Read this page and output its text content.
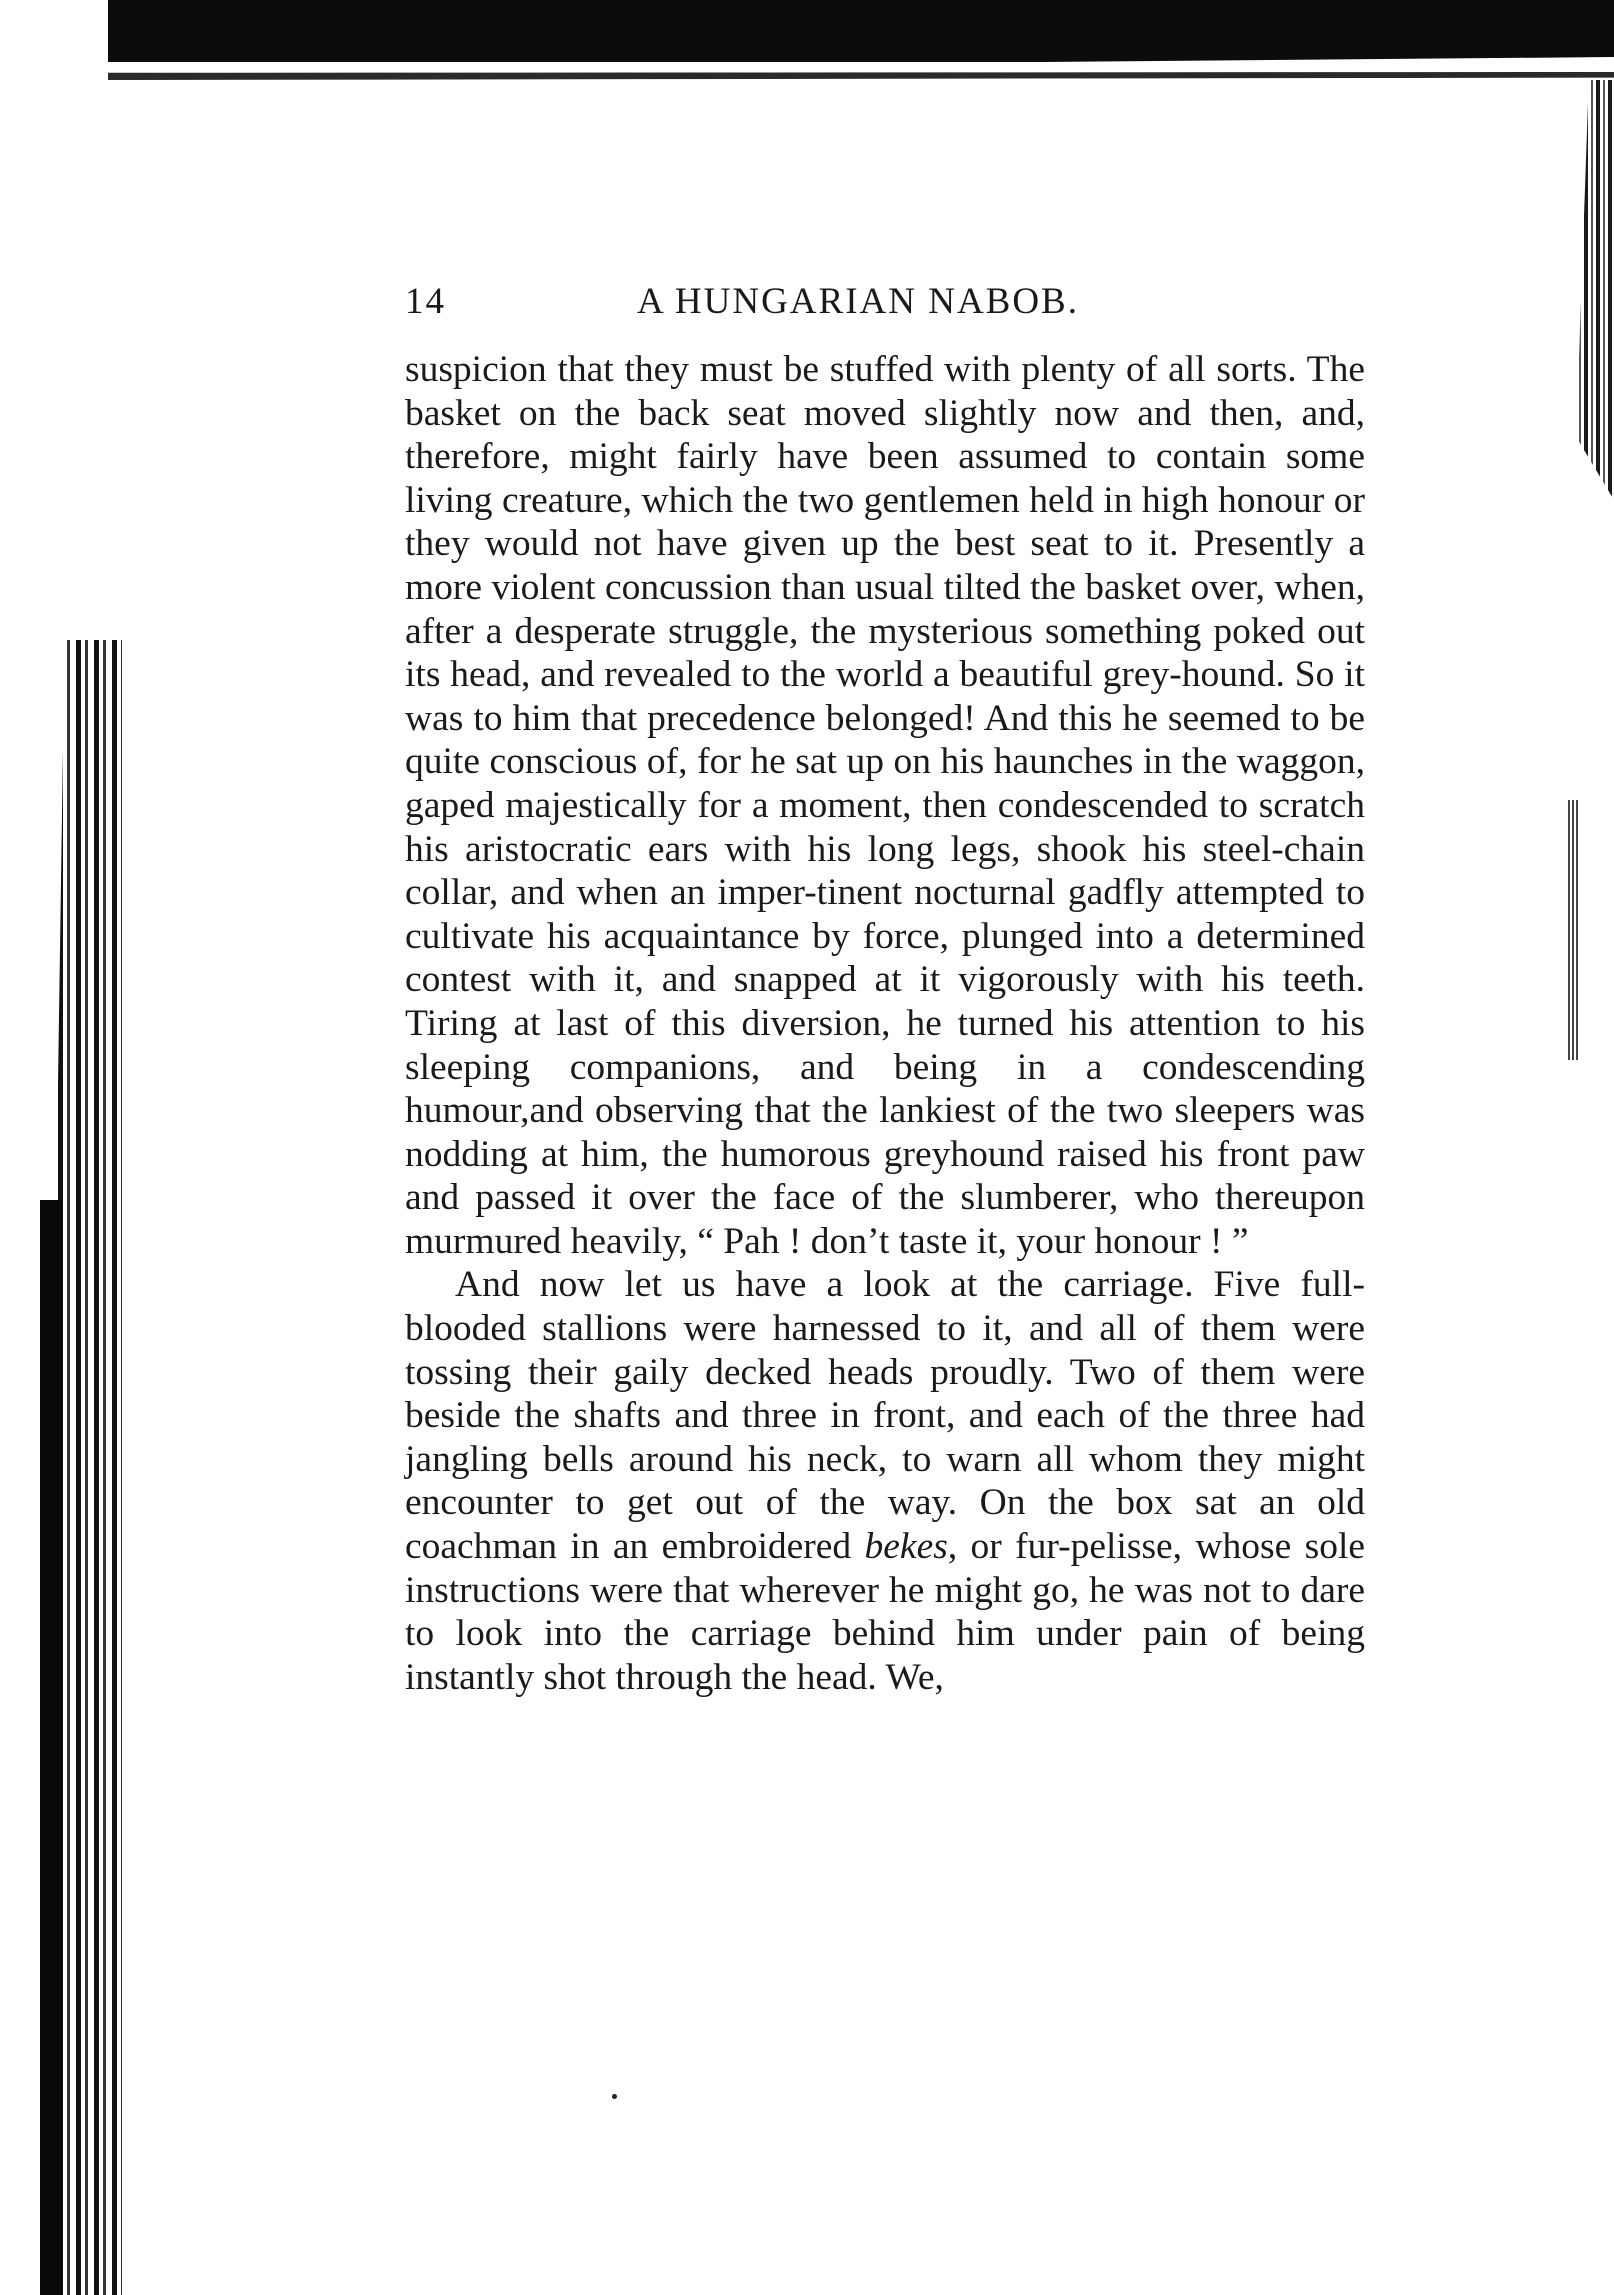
14	A HUNGARIAN NABOB.

suspicion that they must be stuffed with plenty of all sorts. The basket on the back seat moved slightly now and then, and, therefore, might fairly have been assumed to contain some living creature, which the two gentlemen held in high honour or they would not have given up the best seat to it. Presently a more violent concussion than usual tilted the basket over, when, after a desperate struggle, the mysterious something poked out its head, and revealed to the world a beautiful grey-hound. So it was to him that precedence belonged! And this he seemed to be quite conscious of, for he sat up on his haunches in the waggon, gaped majestically for a moment, then condescended to scratch his aristocratic ears with his long legs, shook his steel-chain collar, and when an imper-tinent nocturnal gadfly attempted to cultivate his acquaintance by force, plunged into a determined contest with it, and snapped at it vigorously with his teeth. Tiring at last of this diversion, he turned his attention to his sleeping companions, and being in a condescending humour,and observing that the lankiest of the two sleepers was nodding at him, the humorous greyhound raised his front paw and passed it over the face of the slumberer, who thereupon murmured heavily, “ Pah ! don’t taste it, your honour ! ”

And now let us have a look at the carriage. Five full-blooded stallions were harnessed to it, and all of them were tossing their gaily decked heads proudly. Two of them were beside the shafts and three in front, and each of the three had jangling bells around his neck, to warn all whom they might encounter to get out of the way. On the box sat an old coachman in an embroidered bekes, or fur-pelisse, whose sole instructions were that wherever he might go, he was not to dare to look into the carriage behind him under pain of being instantly shot through the head. We,
